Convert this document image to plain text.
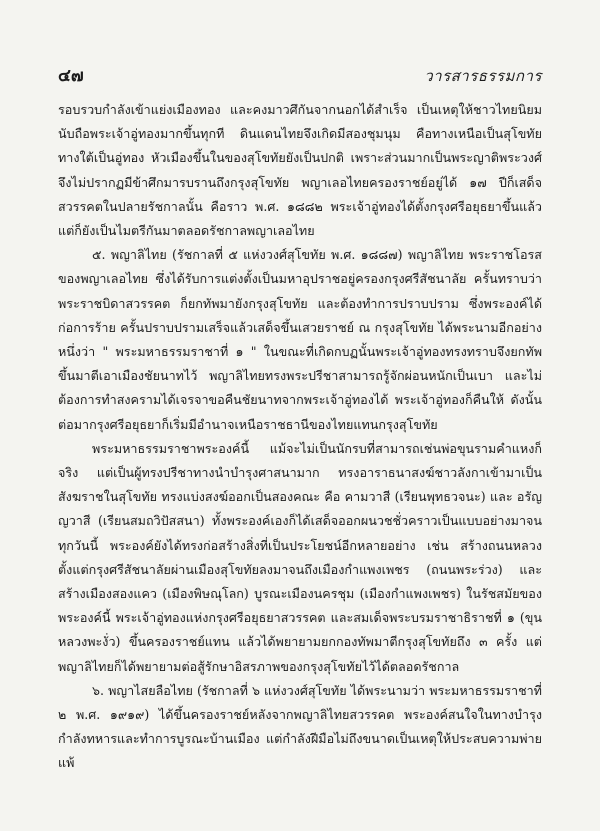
๔๗	วารสารธรรมการ

รอบรวบกำลังเข้าแย่งเมืองทอง และคงมาวศึกันจากนอกได้สำเร็จ เป็นเหตุให้ชาวไทยนิยมนับถือพระเจ้าอู่ทองมากขึ้นทุกที ดินแดนไทยจึงเกิดมีสองชุมนุม คือทางเหนือเป็นสุโขทัย ทางใต้เป็นอู่ทอง หัวเมืองขึ้นในของสุโขทัยยังเป็นปกติ เพราะส่วนมากเป็นพระญาติพระวงศ์ จึงไม่ปรากฏมีข้าศึกมารบรานถึงกรุงสุโขทัย พญาเลอไทยครองราชย์อยู่ได้ ๑๗ ปีก็เสด็จสวรรคตในปลายรัชกาลนั้น คือราว พ.ศ. ๑๘๘๒ พระเจ้าอู่ทองได้ตั้งกรุงศรีอยุธยาขึ้นแล้ว แต่ก็ยังเป็นไมตรีกันมาตลอดรัชกาลพญาเลอไทย

๕. พญาลิไทย (รัชกาลที่ ๕ แห่งวงศ์สุโขทัย พ.ศ. ๑๘๘๗) พญาลิไทย พระราชโอรสของพญาเลอไทย ซึ่งได้รับการแต่งตั้งเป็นมหาอุปราชอยู่ครองกรุงศรีสัชนาลัย ครั้นทราบว่าพระราชบิดาสวรรคต ก็ยกทัพมายังกรุงสุโขทัย และต้องทำการปราบปราม ซึ่งพระองค์ได้ก่อการร้าย ครั้นปราบปรามเสร็จแล้วเสด็จขึ้นเสวยราชย์ ณ กรุงสุโขทัย ได้พระนามอีกอย่างหนึ่งว่า " พระมหาธรรมราชาที่ ๑ " ในขณะที่เกิดกบฏนั้นพระเจ้าอู่ทองทรงทราบจึงยกทัพขึ้นมาตีเอาเมืองชัยนาทไว้ พญาลิไทยทรงพระปรีชาสามารถรู้จักผ่อนหนักเป็นเบา และไม่ต้องการทำสงครามได้เจรจาขอคืนชัยนาทจากพระเจ้าอู่ทองได้ พระเจ้าอู่ทองก็คืนให้ ดังนั้นต่อมากรุงศรีอยุธยาก็เริ่มมีอำนาจเหนือราชธานีของไทยแทนกรุงสุโขทัย

พระมหาธรรมราชาพระองค์นี้ แม้จะไม่เป็นนักรบที่สามารถเช่นพ่อขุนรามคำแหงก็จริง แต่เป็นผู้ทรงปรีชาทางนำบำรุงศาสนามาก ทรงอาราธนาสงฆ์ชาวลังกาเข้ามาเป็นสังฆราชในสุโขทัย ทรงแบ่งสงฆ์ออกเป็นสองคณะ คือ คามวาสี (เรียนพุทธวจนะ) และ อรัญญวาสี (เรียนสมถวิปัสสนา) ทั้งพระองค์เองก็ได้เสด็จออกผนวชชั่วคราวเป็นแบบอย่างมาจนทุกวันนี้ พระองค์ยังได้ทรงก่อสร้างสิ่งที่เป็นประโยชน์อีกหลายอย่าง เช่น สร้างถนนหลวงตั้งแต่กรุงศรีสัชนาลัยผ่านเมืองสุโขทัยลงมาจนถึงเมืองกำแพงเพชร (ถนนพระร่วง) และสร้างเมืองสองแคว (เมืองพิษณุโลก) บูรณะเมืองนครชุม (เมืองกำแพงเพชร) ในรัชสมัยของพระองค์นี้ พระเจ้าอู่ทองแห่งกรุงศรีอยุธยาสวรรคต และสมเด็จพระบรมราชาธิราชที่ ๑ (ขุนหลวงพะงั่ว) ขึ้นครองราชย์แทน แล้วได้พยายามยกกองทัพมาตีกรุงสุโขทัยถึง ๓ ครั้ง แต่พญาลิไทยก็ได้พยายามต่อสู้รักษาอิสรภาพของกรุงสุโขทัยไว้ได้ตลอดรัชกาล

๖. พญาไสยลือไทย (รัชกาลที่ ๖ แห่งวงศ์สุโขทัย ได้พระนามว่า พระมหาธรรมราชาที่ ๒ พ.ศ. ๑๙๑๙) ได้ขึ้นครองราชย์หลังจากพญาลิไทยสวรรคต พระองค์สนใจในทางบำรุงกำลังทหารและทำการบูรณะบ้านเมือง แต่กำลังฝีมือไม่ถึงขนาดเป็นเหตุให้ประสบความพ่ายแพ้
